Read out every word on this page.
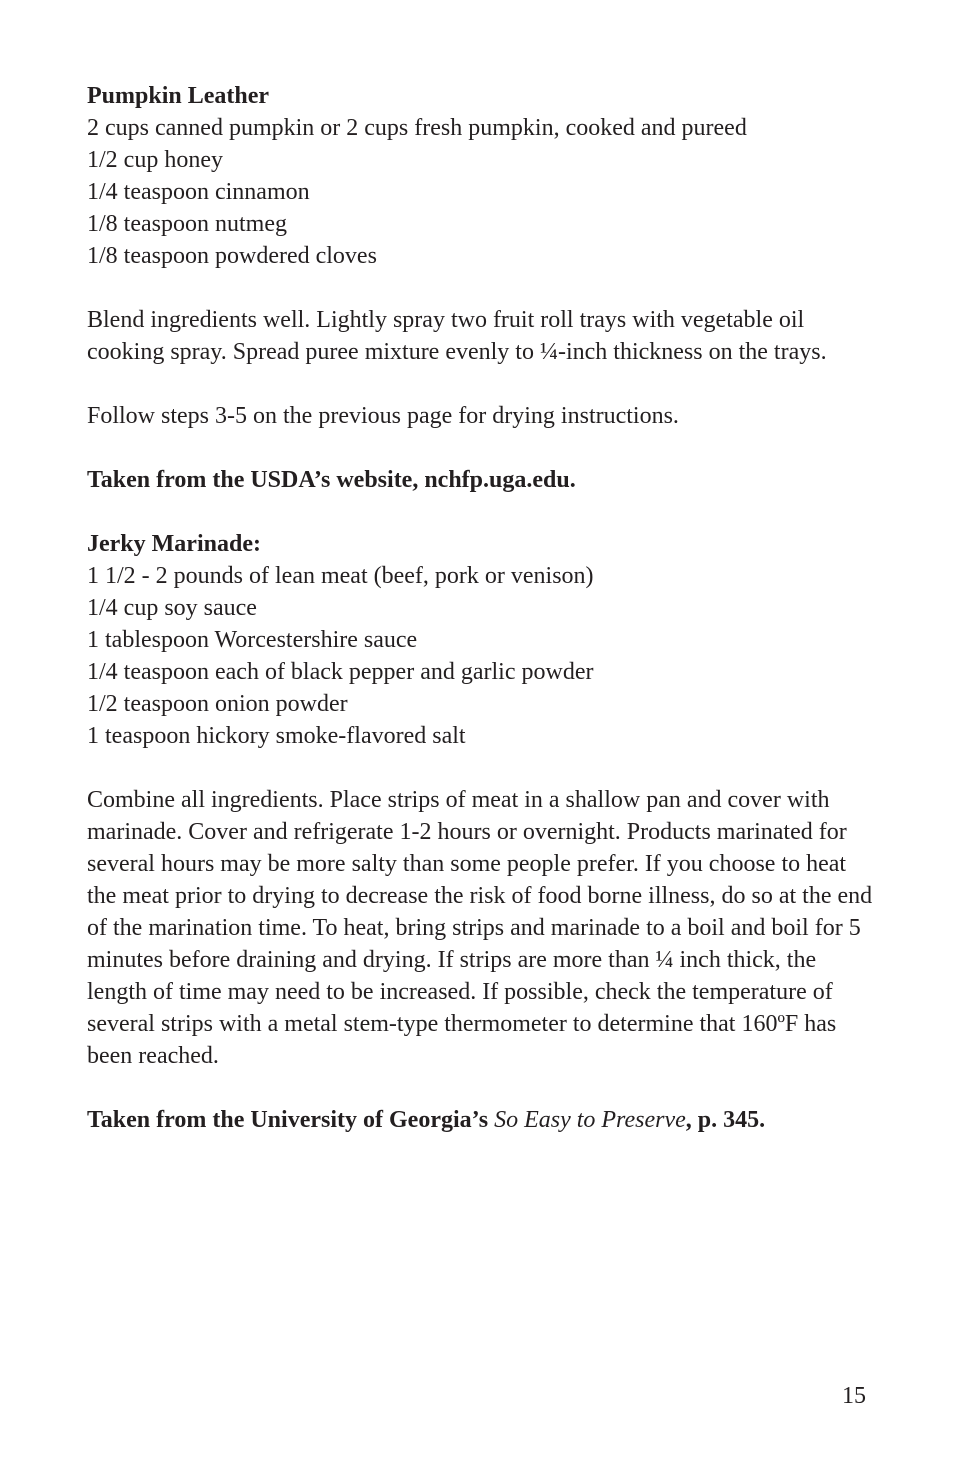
Pumpkin Leather

2 cups canned pumpkin or 2 cups fresh pumpkin, cooked and pureed
1/2 cup honey
1/4 teaspoon cinnamon
1/8 teaspoon nutmeg
1/8 teaspoon powdered cloves

Blend ingredients well. Lightly spray two fruit roll trays with vegetable oil cooking spray. Spread puree mixture evenly to ¼-inch thickness on the trays.

Follow steps 3-5 on the previous page for drying instructions.

Taken from the USDA’s website, nchfp.uga.edu.

Jerky Marinade:

1 1/2 - 2 pounds of lean meat (beef, pork or venison)
1/4 cup soy sauce
1 tablespoon Worcestershire sauce
1/4 teaspoon each of black pepper and garlic powder
1/2 teaspoon onion powder
1 teaspoon hickory smoke-flavored salt

Combine all ingredients. Place strips of meat in a shallow pan and cover with marinade. Cover and refrigerate 1-2 hours or overnight. Products marinated for several hours may be more salty than some people prefer. If you choose to heat the meat prior to drying to decrease the risk of food borne illness, do so at the end of the marination time. To heat, bring strips and marinade to a boil and boil for 5 minutes before draining and drying. If strips are more than ¼ inch thick, the length of time may need to be increased. If possible, check the temperature of several strips with a metal stem-type thermometer to determine that 160ºF has been reached.

Taken from the University of Georgia’s So Easy to Preserve, p. 345.

15
